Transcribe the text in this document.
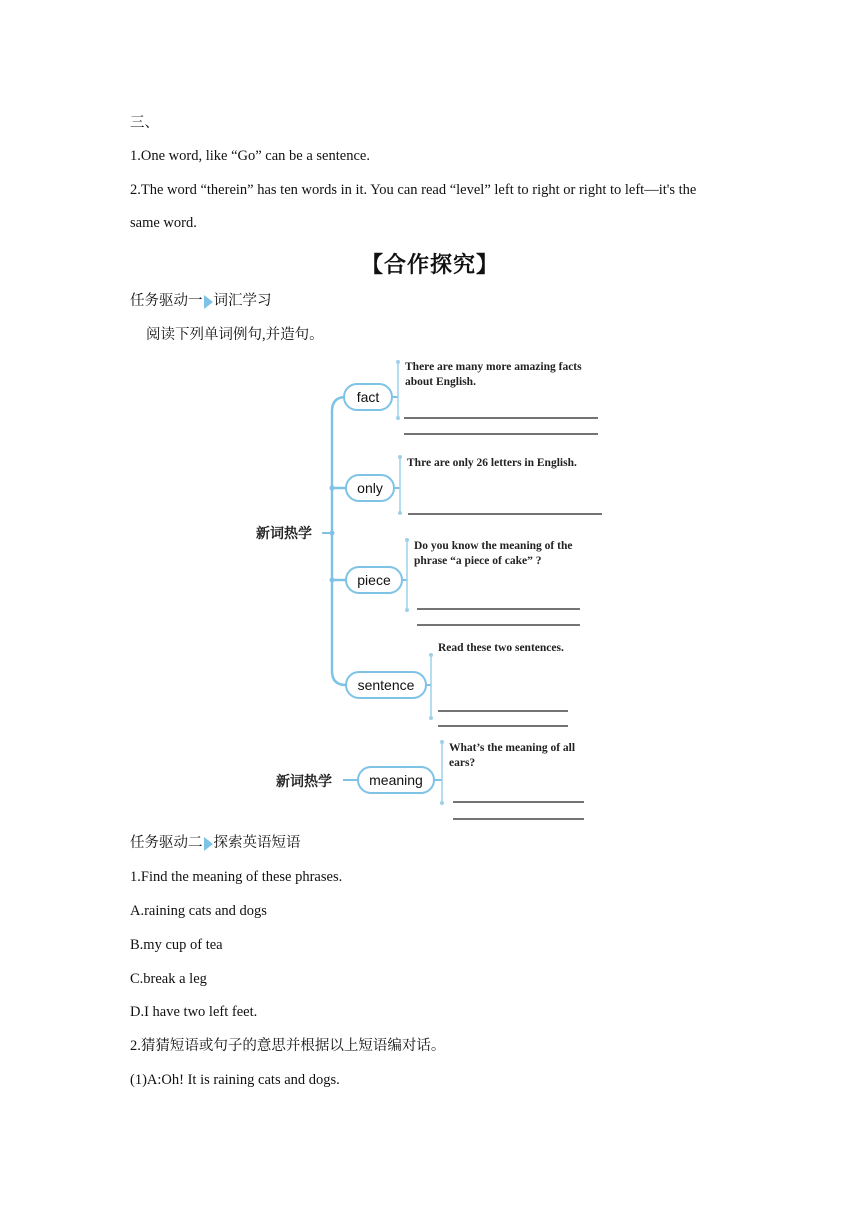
三、
1.One word, like “Go” can be a sentence.
2.The word “therein” has ten words in it. You can read “level” left to right or right to left—it's the
same word.
【合作探究】
任务驱动一 词汇学习
阅读下列单词例句,并造句。
新词热学
fact
There are many more amazing facts
about English.
only
Thre are only 26 letters in English.
piece
Do you know the meaning of the
phrase “a piece of cake” ?
sentence
Read these two sentences.
新词热学	meaning
What’s the meaning of all
ears?
任务驱动二 探索英语短语
1.Find the meaning of these phrases.
A.raining cats and dogs
B.my cup of tea
C.break a leg
D.I have two left feet.
2.猜猜短语或句子的意思并根据以上短语编对话。
(1)A:Oh! It is raining cats and dogs.
